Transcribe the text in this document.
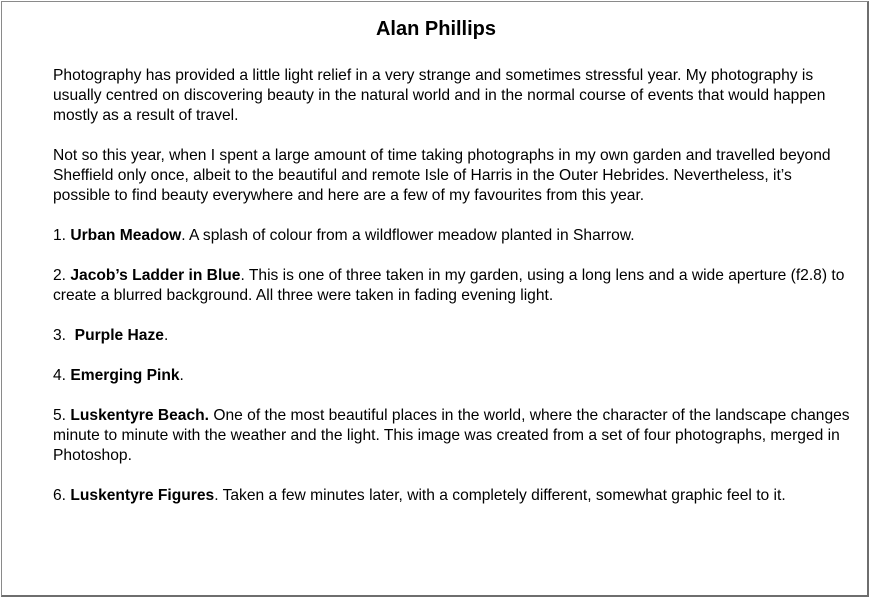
Alan Phillips

Photography has provided a little light relief in a very strange and sometimes stressful year. My photography is usually centred on discovering beauty in the natural world and in the normal course of events that would happen mostly as a result of travel.

Not so this year, when I spent a large amount of time taking photographs in my own garden and travelled beyond Sheffield only once, albeit to the beautiful and remote Isle of Harris in the Outer Hebrides. Nevertheless, it’s possible to find beauty everywhere and here are a few of my favourites from this year.

1. Urban Meadow. A splash of colour from a wildflower meadow planted in Sharrow.

2. Jacob’s Ladder in Blue. This is one of three taken in my garden, using a long lens and a wide aperture (f2.8) to create a blurred background. All three were taken in fading evening light.

3.  Purple Haze.

4. Emerging Pink.

5. Luskentyre Beach. One of the most beautiful places in the world, where the character of the landscape changes minute to minute with the weather and the light. This image was created from a set of four photographs, merged in Photoshop.

6. Luskentyre Figures. Taken a few minutes later, with a completely different, somewhat graphic feel to it.
